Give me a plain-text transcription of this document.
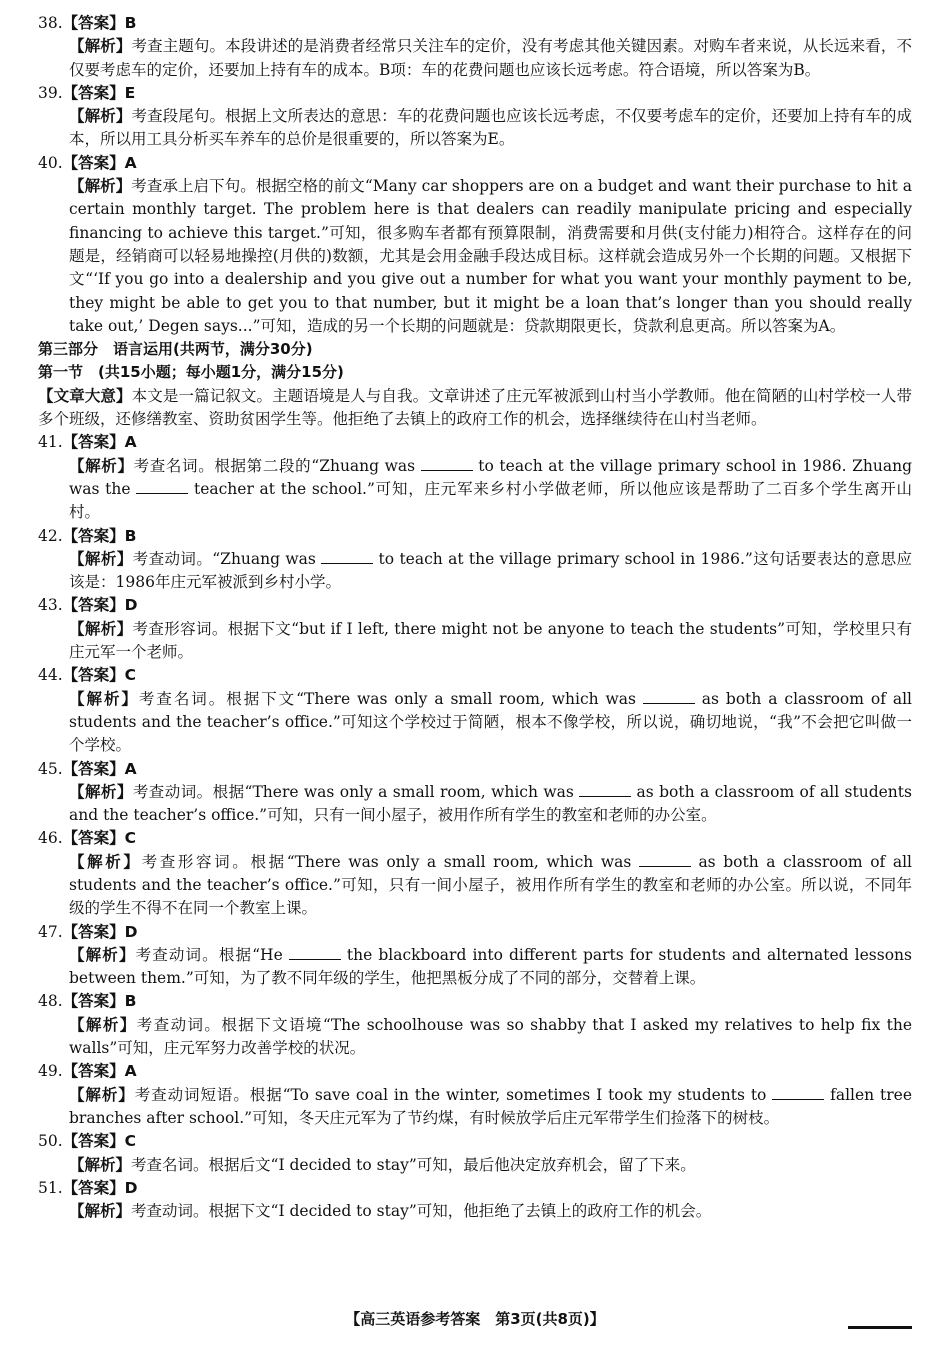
38.【答案】B

【解析】考查主题句。本段讲述的是消费者经常只关注车的定价，没有考虑其他关键因素。对购车者来说，从长远来看，不仅要考虑车的定价，还要加上持有车的成本。B项：车的花费问题也应该长远考虑。符合语境，所以答案为B。

39.【答案】E

【解析】考查段尾句。根据上文所表达的意思：车的花费问题也应该长远考虑，不仅要考虑车的定价，还要加上持有车的成本，所以用工具分析买车养车的总价是很重要的，所以答案为E。

40.【答案】A

【解析】考查承上启下句。根据空格的前文“Many car shoppers are on a budget and want their purchase to hit a certain monthly target. The problem here is that dealers can readily manipulate pricing and especially financing to achieve this target.”可知，很多购车者都有预算限制，消费需要和月供(支付能力)相符合。这样存在的问题是，经销商可以轻易地操控(月供的)数额，尤其是会用金融手段达成目标。这样就会造成另外一个长期的问题。又根据下文“‘If you go into a dealership and you give out a number for what you want your monthly payment to be, they might be able to get you to that number, but it might be a loan that’s longer than you should really take out,’ Degen says...”可知，造成的另一个长期的问题就是：贷款期限更长，贷款利息更高。所以答案为A。

第三部分　语言运用(共两节，满分30分)

第一节　(共15小题；每小题1分，满分15分)

【文章大意】本文是一篇记叙文。主题语境是人与自我。文章讲述了庄元军被派到山村当小学教师。他在简陋的山村学校一人带多个班级，还修缮教室、资助贫困学生等。他拒绝了去镇上的政府工作的机会，选择继续待在山村当老师。

41.【答案】A

【解析】考查名词。根据第二段的“Zhuang was	to teach at the village primary school in 1986. Zhuang was the	teacher at the school.”可知，庄元军来乡村小学做老师，所以他应该是帮助了二百多个学生离开山村。

42.【答案】B

【解析】考查动词。“Zhuang was	to teach at the village primary school in 1986.”这句话要表达的意思应该是：1986年庄元军被派到乡村小学。

43.【答案】D

【解析】考查形容词。根据下文“but if I left, there might not be anyone to teach the students”可知，学校里只有庄元军一个老师。

44.【答案】C

【解析】考查名词。根据下文“There was only a small room, which was	as both a classroom of all students and the teacher’s office.”可知这个学校过于简陋，根本不像学校，所以说，确切地说，“我”不会把它叫做一个学校。

45.【答案】A

【解析】考查动词。根据“There was only a small room, which was	as both a classroom of all students and the teacher’s office.”可知，只有一间小屋子，被用作所有学生的教室和老师的办公室。

46.【答案】C

【解析】考查形容词。根据“There was only a small room, which was	as both a classroom of all students and the teacher’s office.”可知，只有一间小屋子，被用作所有学生的教室和老师的办公室。所以说，不同年级的学生不得不在同一个教室上课。

47.【答案】D

【解析】考查动词。根据“He	the blackboard into different parts for students and alternated lessons between them.”可知，为了教不同年级的学生，他把黑板分成了不同的部分，交替着上课。

48.【答案】B

【解析】考查动词。根据下文语境“The schoolhouse was so shabby that I asked my relatives to help fix the walls”可知，庄元军努力改善学校的状况。

49.【答案】A

【解析】考查动词短语。根据“To save coal in the winter, sometimes I took my students to	fallen tree branches after school.”可知，冬天庄元军为了节约煤，有时候放学后庄元军带学生们捡落下的树枝。

50.【答案】C

【解析】考查名词。根据后文“I decided to stay”可知，最后他决定放弃机会，留了下来。

51.【答案】D

【解析】考查动词。根据下文“I decided to stay”可知，他拒绝了去镇上的政府工作的机会。

【高三英语参考答案　第3页(共8页)】
